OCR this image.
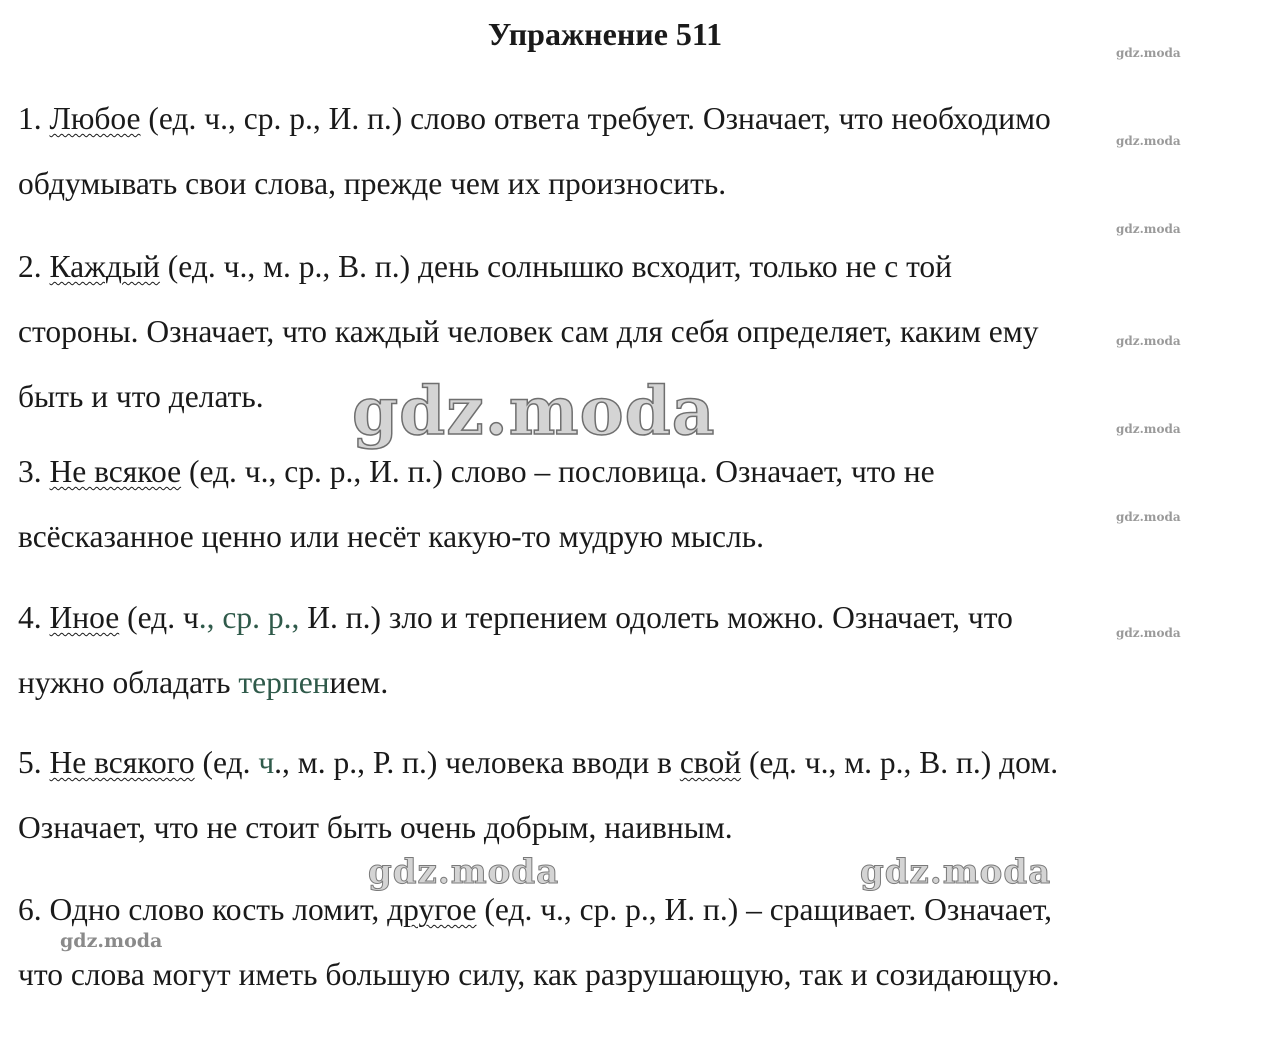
Упражнение 511
1. Любое (ед. ч., ср. р., И. п.) слово ответа требует. Означает, что необходимо
обдумывать свои слова, прежде чем их произносить.
2. Каждый (ед. ч., м. р., В. п.) день солнышко всходит, только не с той
стороны. Означает, что каждый человек сам для себя определяет, каким ему
быть и что делать.
3. Не всякое (ед. ч., ср. р., И. п.) слово – пословица. Означает, что не
всёсказанное ценно или несёт какую-то мудрую мысль.
4. Иное (ед. ч., ср. р., И. п.) зло и терпением одолеть можно. Означает, что
нужно обладать терпением.
5. Не всякого (ед. ч., м. р., Р. п.) человека вводи в свой (ед. ч., м. р., В. п.) дом.
Означает, что не стоит быть очень добрым, наивным.
6. Одно слово кость ломит, другое (ед. ч., ср. р., И. п.) – сращивает. Означает,
что слова могут иметь большую силу, как разрушающую, так и созидающую.
gdz.moda
gdz.moda
gdz.moda
gdz.moda
gdz.moda
gdz.moda
gdz.moda
gdz.moda
gdz.moda	gdz.moda
gdz.moda
